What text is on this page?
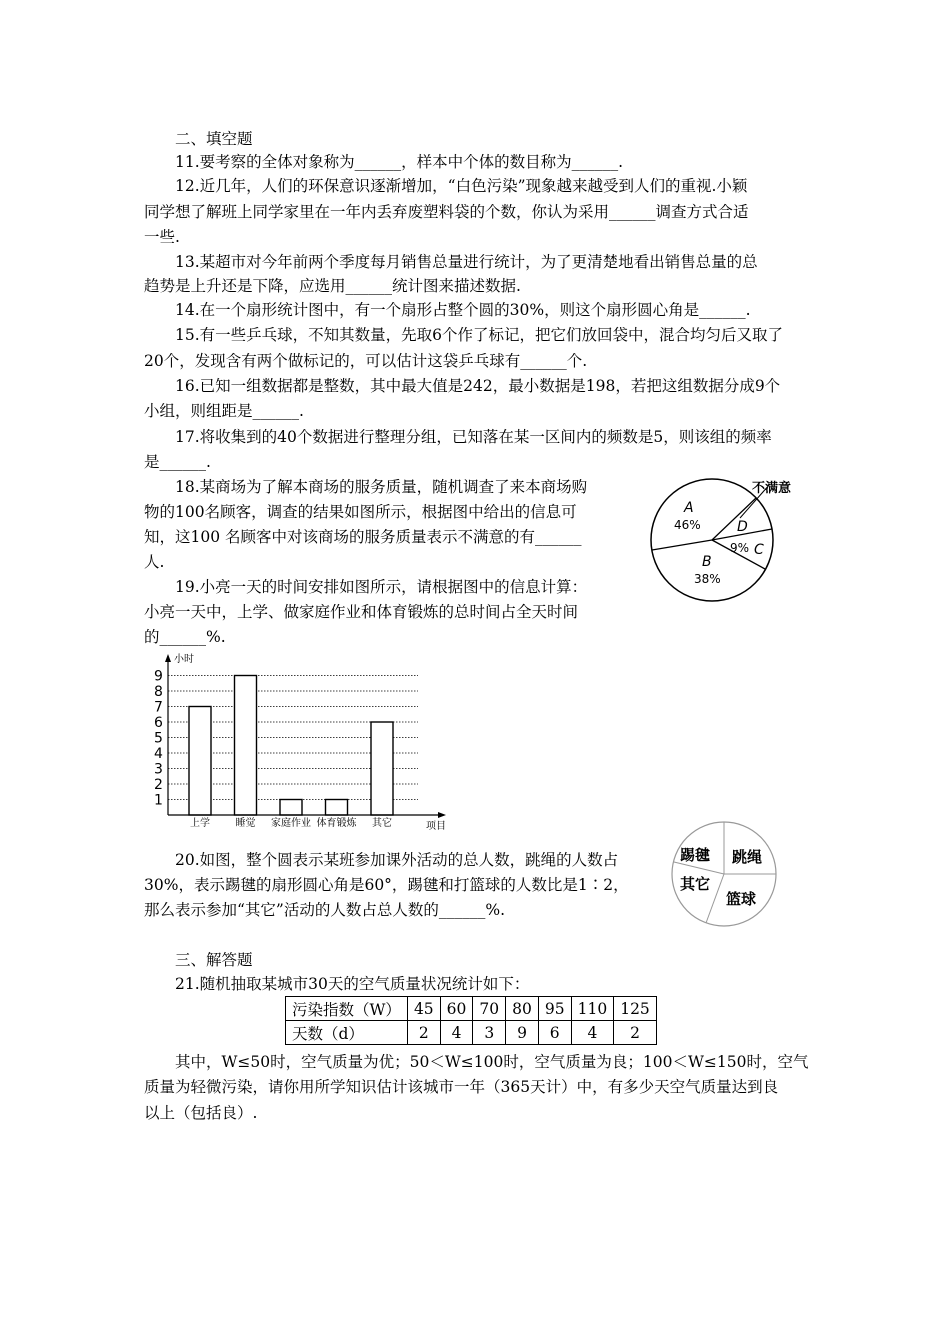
二、填空题
11.要考察的全体对象称为______，样本中个体的数目称为______.
12.近几年，人们的环保意识逐渐增加，“白色污染”现象越来越受到人们的重视.小颖
同学想了解班上同学家里在一年内丢弃废塑料袋的个数，你认为采用______调查方式合适
一些.
13.某超市对今年前两个季度每月销售总量进行统计，为了更清楚地看出销售总量的总
趋势是上升还是下降，应选用______统计图来描述数据.
14.在一个扇形统计图中，有一个扇形占整个圆的30%，则这个扇形圆心角是______.
15.有一些乒乓球，不知其数量，先取6个作了标记，把它们放回袋中，混合均匀后又取了
20个，发现含有两个做标记的，可以估计这袋乒乓球有______个.
16.已知一组数据都是整数，其中最大值是242，最小数据是198，若把这组数据分成9个
小组，则组距是______.
17.将收集到的40个数据进行整理分组，已知落在某一区间内的频数是5，则该组的频率
是______.
18.某商场为了解本商场的服务质量，随机调查了来本商场购
物的100名顾客，调查的结果如图所示，根据图中给出的信息可
知，这100 名顾客中对该商场的服务质量表示不满意的有______
人.
19.小亮一天的时间安排如图所示，请根据图中的信息计算：
小亮一天中，上学、做家庭作业和体育锻炼的总时间占全天时间
的______%.
不满意
A
46%
B
38%
D
9% C
1
2
3
4
5
6
7
8
9
上学	睡觉 家庭作业 体育锻炼 其它
小时
项目
20.如图，整个圆表示某班参加课外活动的总人数，跳绳的人数占
30%，表示踢毽的扇形圆心角是60°，踢毽和打篮球的人数比是1∶2，
那么表示参加“其它”活动的人数占总人数的______%.
踢毽 跳绳
其它
篮球
三、解答题
21.随机抽取某城市30天的空气质量状况统计如下：
污染指数（W）	45	60	70	80	95	110	125
天数（d）	2	4	3	9	6	4	2
其中，W≤50时，空气质量为优；50＜W≤100时，空气质量为良；100＜W≤150时，空气
质量为轻微污染，请你用所学知识估计该城市一年（365天计）中，有多少天空气质量达到良
以上（包括良）.
